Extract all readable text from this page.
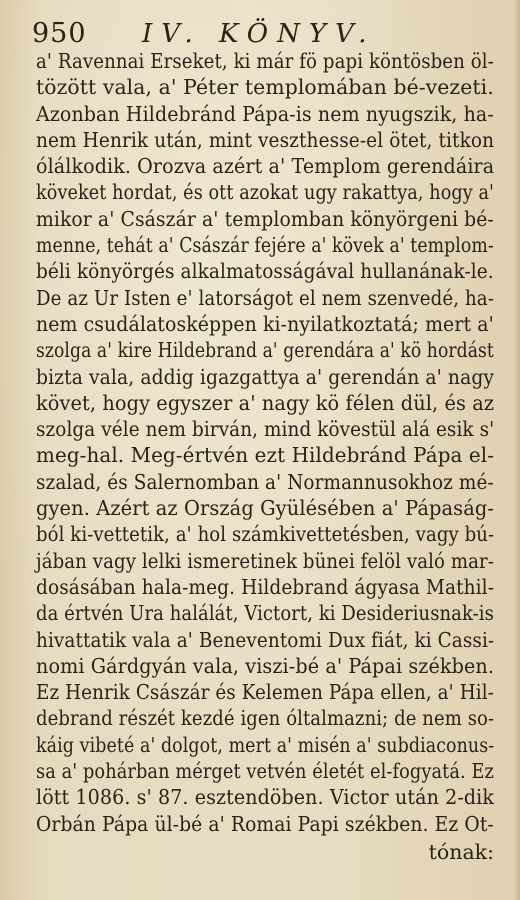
950	IV. KÖNYV.
a' Ravennai Erseket, ki már fö papi köntösben öl-
tözött vala, a' Péter templomában bé-vezeti.
Azonban Hildebránd Pápa-is nem nyugszik, ha-
nem Henrik után, mint veszthesse-el ötet, titkon
ólálkodik. Orozva azért a' Templom gerendáira
köveket hordat, és ott azokat ugy rakattya, hogy a'
mikor a' Császár a' templomban könyörgeni bé-
menne, tehát a' Császár fejére a' kövek a' templom-
béli könyörgés alkalmatosságával hullanának-le.
De az Ur Isten e' latorságot el nem szenvedé, ha-
nem csudálatosképpen ki-nyilatkoztatá; mert a'
szolga a' kire Hildebrand a' gerendára a' kö hordást
bizta vala, addig igazgattya a' gerendán a' nagy
követ, hogy egyszer a' nagy kö félen dül, és az
szolga véle nem birván, mind kövestül alá esik s'
meg-hal. Meg-értvén ezt Hildebránd Pápa el-
szalad, és Salernomban a' Normannusokhoz mé-
gyen. Azért az Ország Gyülésében a' Pápaság-
ból ki-vettetik, a' hol számkivettetésben, vagy bú-
jában vagy lelki ismeretinek bünei felöl való mar-
dosásában hala-meg. Hildebrand ágyasa Mathil-
da értvén Ura halálát, Victort, ki Desideriusnak-is
hivattatik vala a' Beneventomi Dux fiát, ki Cassi-
nomi Gárdgyán vala, viszi-bé a' Pápai székben.
Ez Henrik Császár és Kelemen Pápa ellen, a' Hil-
debrand részét kezdé igen óltalmazni; de nem so-
káig vibeté a' dolgot, mert a' misén a' subdiaconus-
sa a' pohárban mérget vetvén életét el-fogyatá. Ez
lött 1086. s' 87. esztendöben. Victor után 2-dik
Orbán Pápa ül-bé a' Romai Papi székben. Ez Ot-
tónak:
